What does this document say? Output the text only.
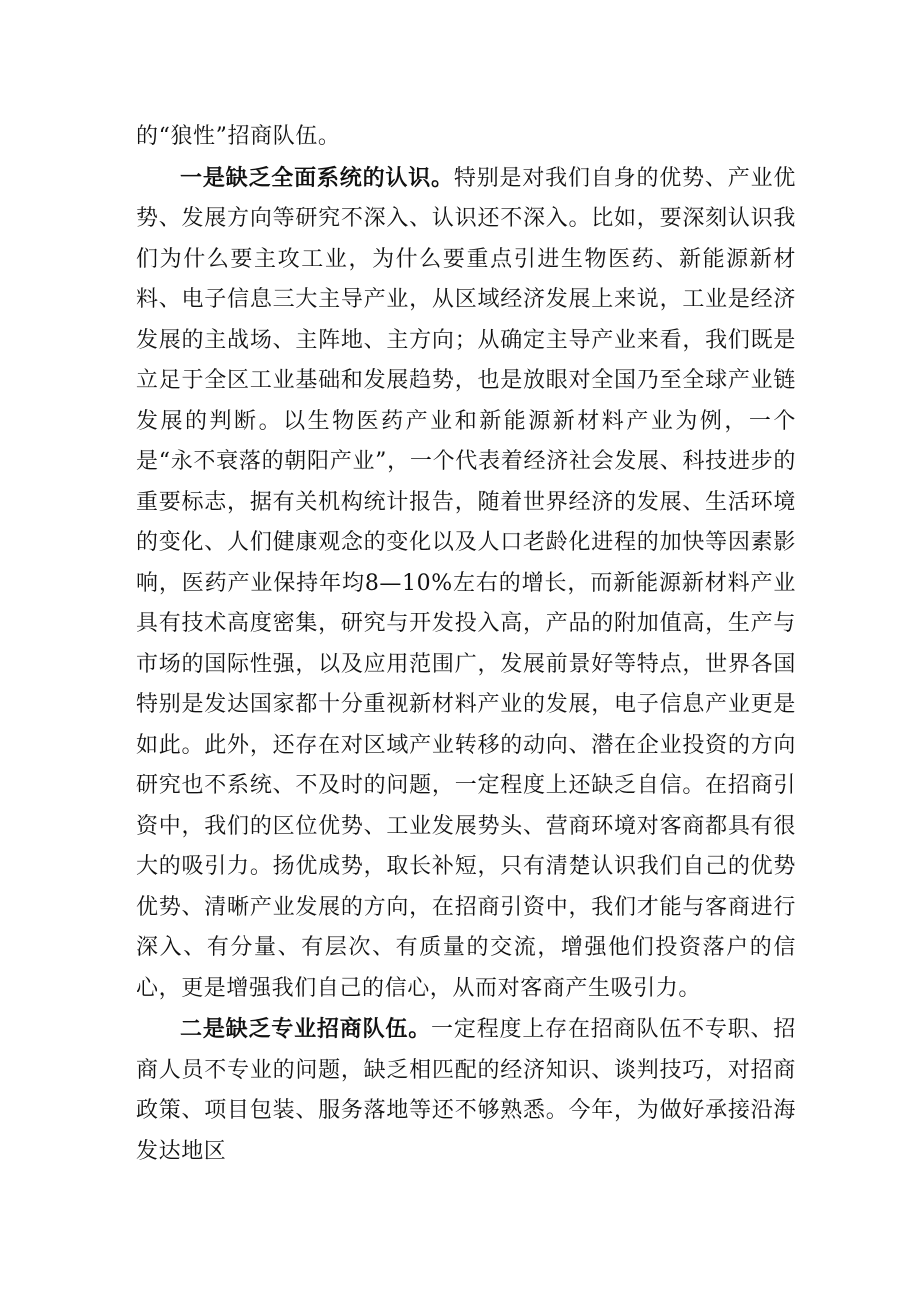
的“狼性”招商队伍。

一是缺乏全面系统的认识。特别是对我们自身的优势、产业优势、发展方向等研究不深入、认识还不深入。比如，要深刻认识我们为什么要主攻工业，为什么要重点引进生物医药、新能源新材料、电子信息三大主导产业，从区域经济发展上来说，工业是经济发展的主战场、主阵地、主方向；从确定主导产业来看，我们既是立足于全区工业基础和发展趋势，也是放眼对全国乃至全球产业链发展的判断。以生物医药产业和新能源新材料产业为例，一个是“永不衰落的朝阳产业”，一个代表着经济社会发展、科技进步的重要标志，据有关机构统计报告，随着世界经济的发展、生活环境的变化、人们健康观念的变化以及人口老龄化进程的加快等因素影响，医药产业保持年均8—10%左右的增长，而新能源新材料产业具有技术高度密集，研究与开发投入高，产品的附加值高，生产与市场的国际性强，以及应用范围广，发展前景好等特点，世界各国特别是发达国家都十分重视新材料产业的发展，电子信息产业更是如此。此外，还存在对区域产业转移的动向、潜在企业投资的方向研究也不系统、不及时的问题，一定程度上还缺乏自信。在招商引资中，我们的区位优势、工业发展势头、营商环境对客商都具有很大的吸引力。扬优成势，取长补短，只有清楚认识我们自己的优势优势、清晰产业发展的方向，在招商引资中，我们才能与客商进行深入、有分量、有层次、有质量的交流，增强他们投资落户的信心，更是增强我们自己的信心，从而对客商产生吸引力。

二是缺乏专业招商队伍。一定程度上存在招商队伍不专职、招商人员不专业的问题，缺乏相匹配的经济知识、谈判技巧，对招商政策、项目包装、服务落地等还不够熟悉。今年，为做好承接沿海发达地区
